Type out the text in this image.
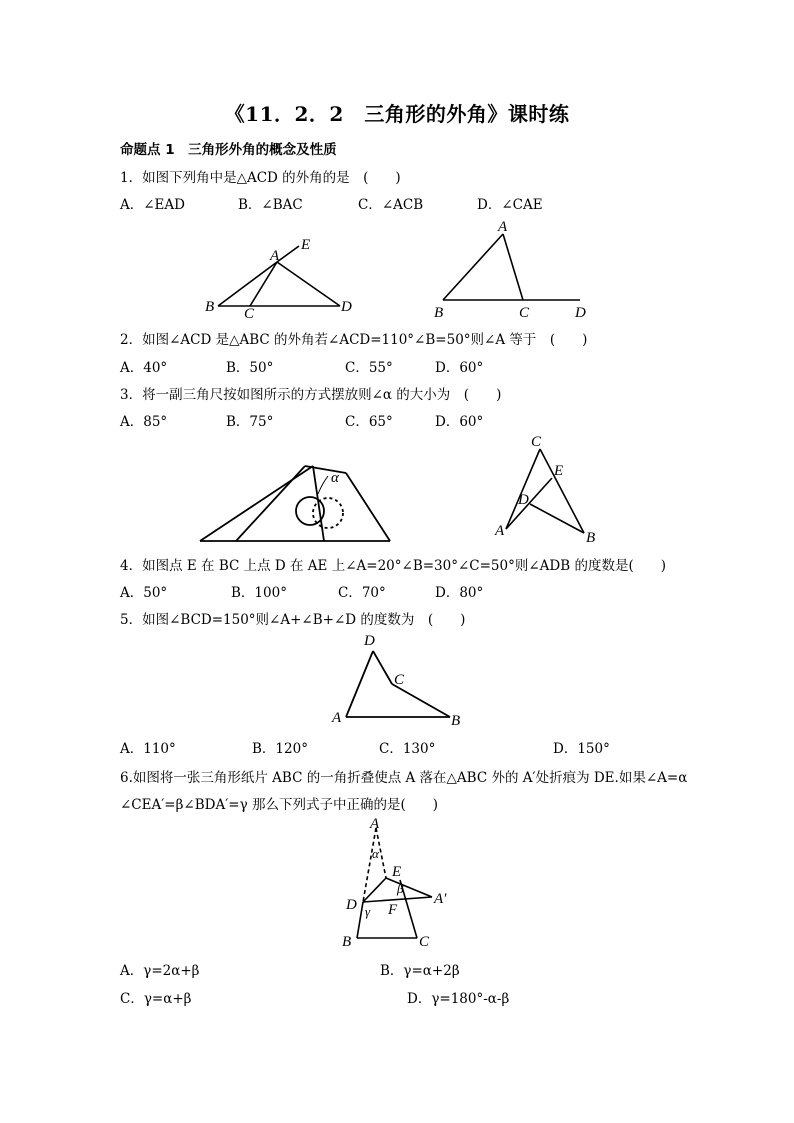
《11．2．2　三角形的外角》课时练
命题点 1　三角形外角的概念及性质
1．如图下列角中是△ACD 的外角的是　(　　)
A．∠EAD	B．∠BAC	C．∠ACB	D．∠CAE
A
E
B C	D
A
B	C	D
2．如图∠ACD 是△ABC 的外角若∠ACD=110°∠B=50°则∠A 等于　(　　)
A．40°	B．50°	C．55°	D．60°
3．将一副三角尺按如图所示的方式摆放则∠α 的大小为　(　　)
A．85°	B．75°	C．65°	D．60°
α
C
E
D
A	B
4．如图点 E 在 BC 上点 D 在 AE 上∠A=20°∠B=30°∠C=50°则∠ADB 的度数是(　　)
A．50°	B．100°	C．70°	D．80°
5．如图∠BCD=150°则∠A+∠B+∠D 的度数为　(　　)
D
C
A	B
A．110°	B．120°	C．130°	D．150°
6.如图将一张三角形纸片 ABC 的一角折叠使点 A 落在△ABC 外的 A′处折痕为 DE.如果∠A=α
∠CEA′=β∠BDA′=γ 那么下列式子中正确的是(　　)
A
α
E
β
D γ F
A′
B	C
A．γ=2α+β	B．γ=α+2β
C．γ=α+β	D．γ=180°-α-β
